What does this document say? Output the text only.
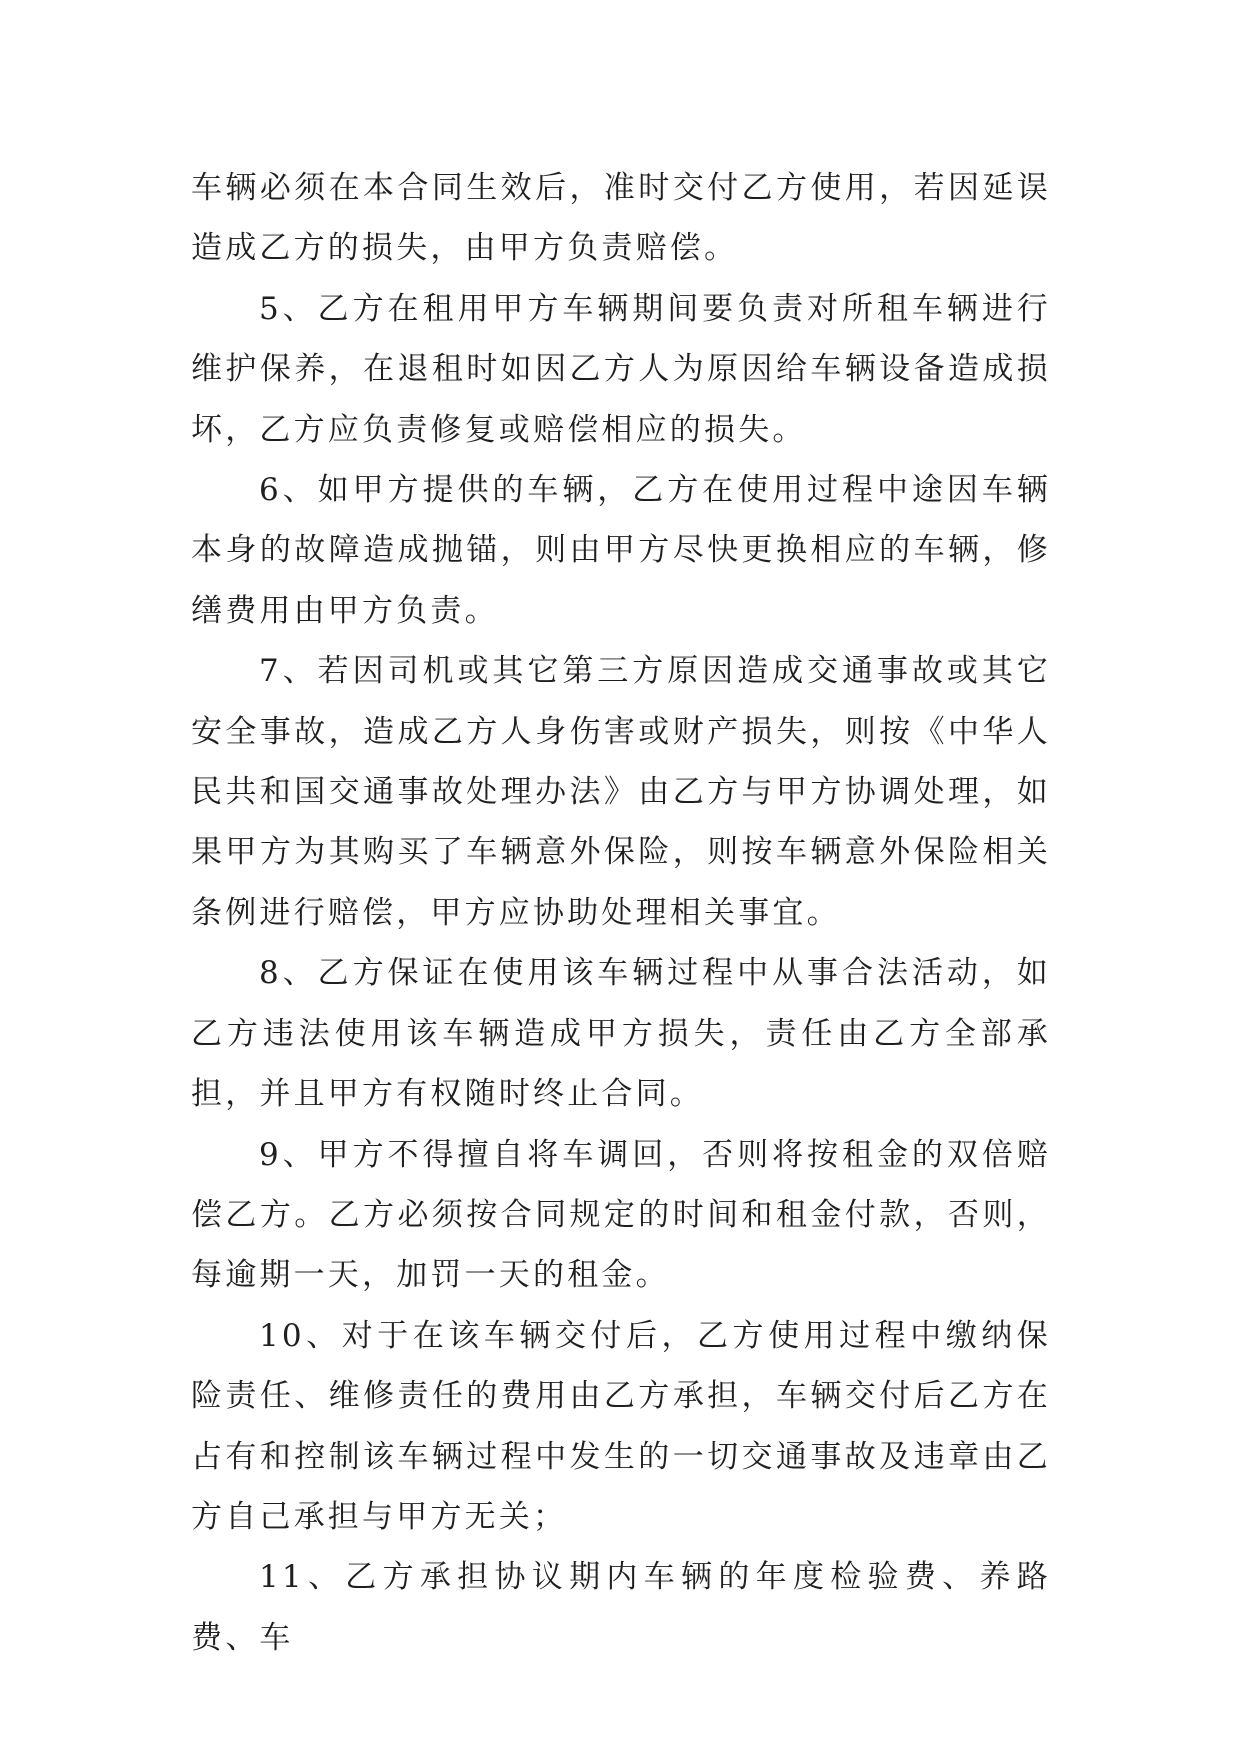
车辆必须在本合同生效后，准时交付乙方使用，若因延误造成乙方的损失，由甲方负责赔偿。

5、乙方在租用甲方车辆期间要负责对所租车辆进行维护保养，在退租时如因乙方人为原因给车辆设备造成损坏，乙方应负责修复或赔偿相应的损失。

6、如甲方提供的车辆，乙方在使用过程中途因车辆本身的故障造成抛锚，则由甲方尽快更换相应的车辆，修缮费用由甲方负责。

7、若因司机或其它第三方原因造成交通事故或其它安全事故，造成乙方人身伤害或财产损失，则按《中华人民共和国交通事故处理办法》由乙方与甲方协调处理，如果甲方为其购买了车辆意外保险，则按车辆意外保险相关条例进行赔偿，甲方应协助处理相关事宜。

8、乙方保证在使用该车辆过程中从事合法活动，如乙方违法使用该车辆造成甲方损失，责任由乙方全部承担，并且甲方有权随时终止合同。

9、甲方不得擅自将车调回，否则将按租金的双倍赔偿乙方。乙方必须按合同规定的时间和租金付款，否则，每逾期一天，加罚一天的租金。

10、对于在该车辆交付后，乙方使用过程中缴纳保险责任、维修责任的费用由乙方承担，车辆交付后乙方在占有和控制该车辆过程中发生的一切交通事故及违章由乙方自己承担与甲方无关；

11、乙方承担协议期内车辆的年度检验费、养路费、车
